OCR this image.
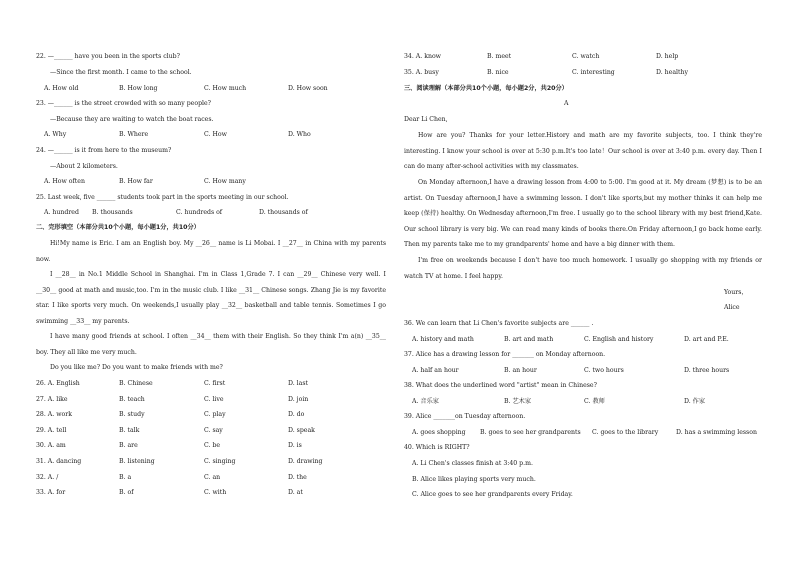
22. —______ have you been in the sports club?
—Since the first month. I came to the school.
A. How old	B. How long	C. How much	D. How soon
23. —______ is the street crowded with so many people?
—Because they are waiting to watch the boat races.
A. Why	B. Where	C. How	D. Who
24. —______ is it from here to the museum?
—About 2 kilometers.
A. How often	B. How far	C. How many
25. Last week, five ______ students took part in the sports meeting in our school.
A. hundred B. thousands	C. hundreds of	D. thousands of
二、完形填空（本部分共10个小题，每小题1分，共10分）
Hi!My name is Eric. I am an English boy. My __26__ name is Li Mobai. I __27__ in China with my parents now.
I __28__ in No.1 Middle School in Shanghai. I'm in Class 1,Grade 7. I can __29__ Chinese very well. I __30__ good at math and music,too. I'm in the music club. I like __31__ Chinese songs. Zhang Jie is my favorite star. I like sports very much. On weekends,I usually play __32__ basketball and table tennis. Sometimes I go swimming __33__ my parents.
I have many good friends at school. I often __34__ them with their English. So they think I'm a(n) __35__ boy. They all like me very much.
Do you like me? Do you want to make friends with me?
26. A. English	B. Chinese	C. first	D. last
27. A. like	B. teach	C. live	D. join
28. A. work	B. study	C. play	D. do
29. A. tell	B. talk	C. say	D. speak
30. A. am	B. are	C. be	D. is
31. A. dancing	B. listening	C. singing	D. drawing
32. A. /	B. a	C. an	D. the
33. A. for	B. of	C. with	D. at
34. A. know	B. meet	C. watch	D. help
35. A. busy	B. nice	C. interesting	D. healthy
三、阅读理解（本部分共10个小题，每小题2分，共20分）
A
Dear Li Chen,
How are you? Thanks for your letter.History and math are my favorite subjects, too. I think they're interesting. I know your school is over at 5:30 p.m.It's too late！Our school is over at 3:40 p.m. every day. Then I can do many after-school activities with my classmates.
On Monday afternoon,I have a drawing lesson from 4:00 to 5:00. I'm good at it. My dream (梦想) is to be an artist. On Tuesday afternoon,I have a swimming lesson. I don't like sports,but my mother thinks it can help me keep (保持) healthy. On Wednesday afternoon,I'm free. I usually go to the school library with my best friend,Kate. Our school library is very big. We can read many kinds of books there.On Friday afternoon,I go back home early. Then my parents take me to my grandparents' home and have a big dinner with them.
I'm free on weekends because I don't have too much homework. I usually go shopping with my friends or watch TV at home. I feel happy.
Yours，
Alice
36. We can learn that Li Chen's favorite subjects are ______ .
A. history and math	B. art and math	C. English and history	D. art and P.E.
37. Alice has a drawing lesson for _______ on Monday afternoon.
A. half an hour	B. an hour	C. two hours	D. three hours
38. What does the underlined word "artist" mean in Chinese?
A. 音乐家	B. 艺术家	C. 教师	D. 作家
39. Alice _______on Tuesday afternoon.
A. goes shopping B. goes to see her grandparents C. goes to the library	D. has a swimming lesson
40. Which is RIGHT?
A. Li Chen's classes finish at 3:40 p.m.
B. Alice likes playing sports very much.
C. Alice goes to see her grandparents every Friday.
